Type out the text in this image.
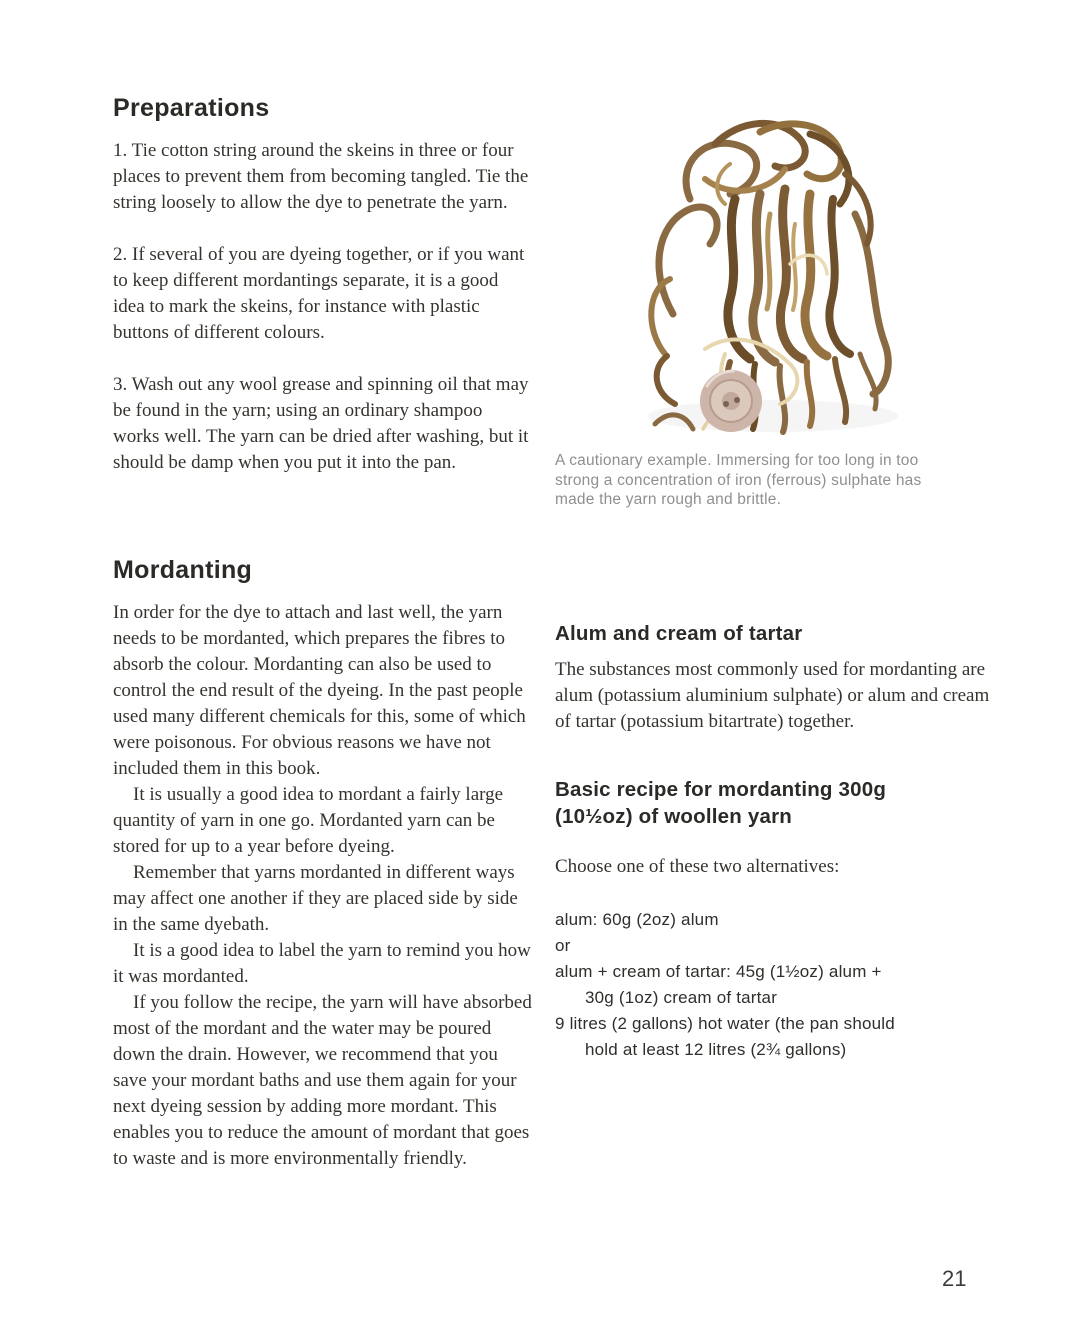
Preparations

1. Tie cotton string around the skeins in three or four places to prevent them from becoming tangled. Tie the string loosely to allow the dye to penetrate the yarn.

2. If several of you are dyeing together, or if you want to keep different mordantings separate, it is a good idea to mark the skeins, for instance with plastic buttons of different colours.

3. Wash out any wool grease and spinning oil that may be found in the yarn; using an ordinary shampoo works well. The yarn can be dried after washing, but it should be damp when you put it into the pan.

Mordanting

In order for the dye to attach and last well, the yarn needs to be mordanted, which prepares the fibres to absorb the colour. Mordanting can also be used to control the end result of the dyeing. In the past people used many different chemicals for this, some of which were poisonous. For obvious reasons we have not included them in this book.

It is usually a good idea to mordant a fairly large quantity of yarn in one go. Mordanted yarn can be stored for up to a year before dyeing.

Remember that yarns mordanted in different ways may affect one another if they are placed side by side in the same dyebath.

It is a good idea to label the yarn to remind you how it was mordanted.

If you follow the recipe, the yarn will have absorbed most of the mordant and the water may be poured down the drain. However, we recommend that you save your mordant baths and use them again for your next dyeing session by adding more mordant. This enables you to reduce the amount of mordant that goes to waste and is more environmentally friendly.

A cautionary example. Immersing for too long in too strong a concentration of iron (ferrous) sulphate has made the yarn rough and brittle.
Alum and cream of tartar

The substances most commonly used for mordanting are alum (potassium aluminium sulphate) or alum and cream of tartar (potassium bitartrate) together.

Basic recipe for mordanting 300g (10½oz) of woollen yarn

Choose one of these two alternatives:

alum: 60g (2oz) alum
or
alum + cream of tartar: 45g (1½oz) alum +
30g (1oz) cream of tartar
9 litres (2 gallons) hot water (the pan should
hold at least 12 litres (2¾ gallons)
21
